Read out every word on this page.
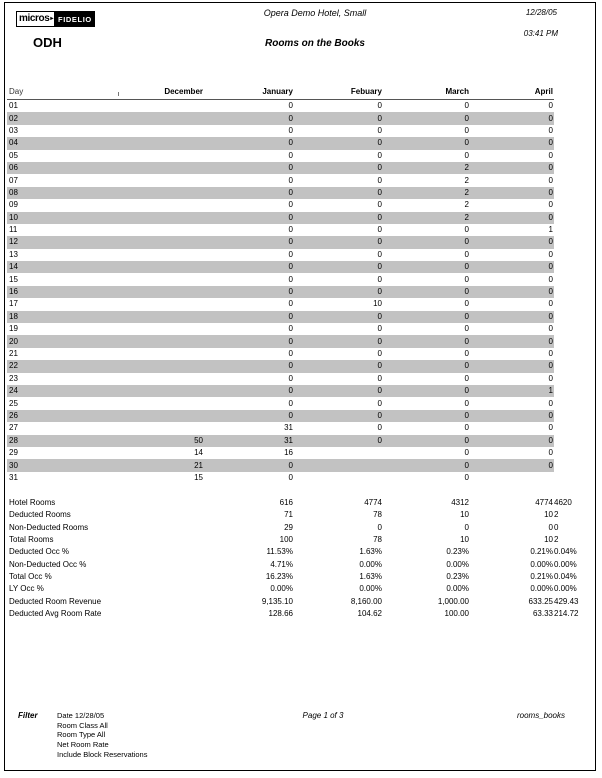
micros ▸ FIDELIO
ODH
Opera Demo Hotel, Small
Rooms on the Books
12/28/05
03:41 PM
Day	December	January	Febuary	March	April
01		0	0	0	0
02		0	0	0	0
03		0	0	0	0
04		0	0	0	0
05		0	0	0	0
06		0	0	2	0
07		0	0	2	0
08		0	0	2	0
09		0	0	2	0
10		0	0	2	0
11		0	0	0	1
12		0	0	0	0
13		0	0	0	0
14		0	0	0	0
15		0	0	0	0
16		0	0	0	0
17		0	10	0	0
18		0	0	0	0
19		0	0	0	0
20		0	0	0	0
21		0	0	0	0
22		0	0	0	0
23		0	0	0	0
24		0	0	0	1
25		0	0	0	0
26		0	0	0	0
27		31	0	0	0
28	50	31	0	0	0
29	14	16		0	0
30	21	0		0	0
31	15	0		0	
Hotel Rooms	616	4774	4312	4774	4620
Deducted Rooms	71	78	10	10	2
Non-Deducted Rooms	29	0	0	0	0
Total Rooms	100	78	10	10	2
Deducted Occ %	11.53%	1.63%	0.23%	0.21%	0.04%
Non-Deducted Occ %	4.71%	0.00%	0.00%	0.00%	0.00%
Total Occ %	16.23%	1.63%	0.23%	0.21%	0.04%
LY Occ %	0.00%	0.00%	0.00%	0.00%	0.00%
Deducted Room Revenue	9,135.10	8,160.00	1,000.00	633.25	429.43
Deducted Avg Room Rate	128.66	104.62	100.00	63.33	214.72
Filter	Date 12/28/05
Room Class All
Room Type All
Net Room Rate
Include Block Reservations
Page 1 of 3	rooms_books
